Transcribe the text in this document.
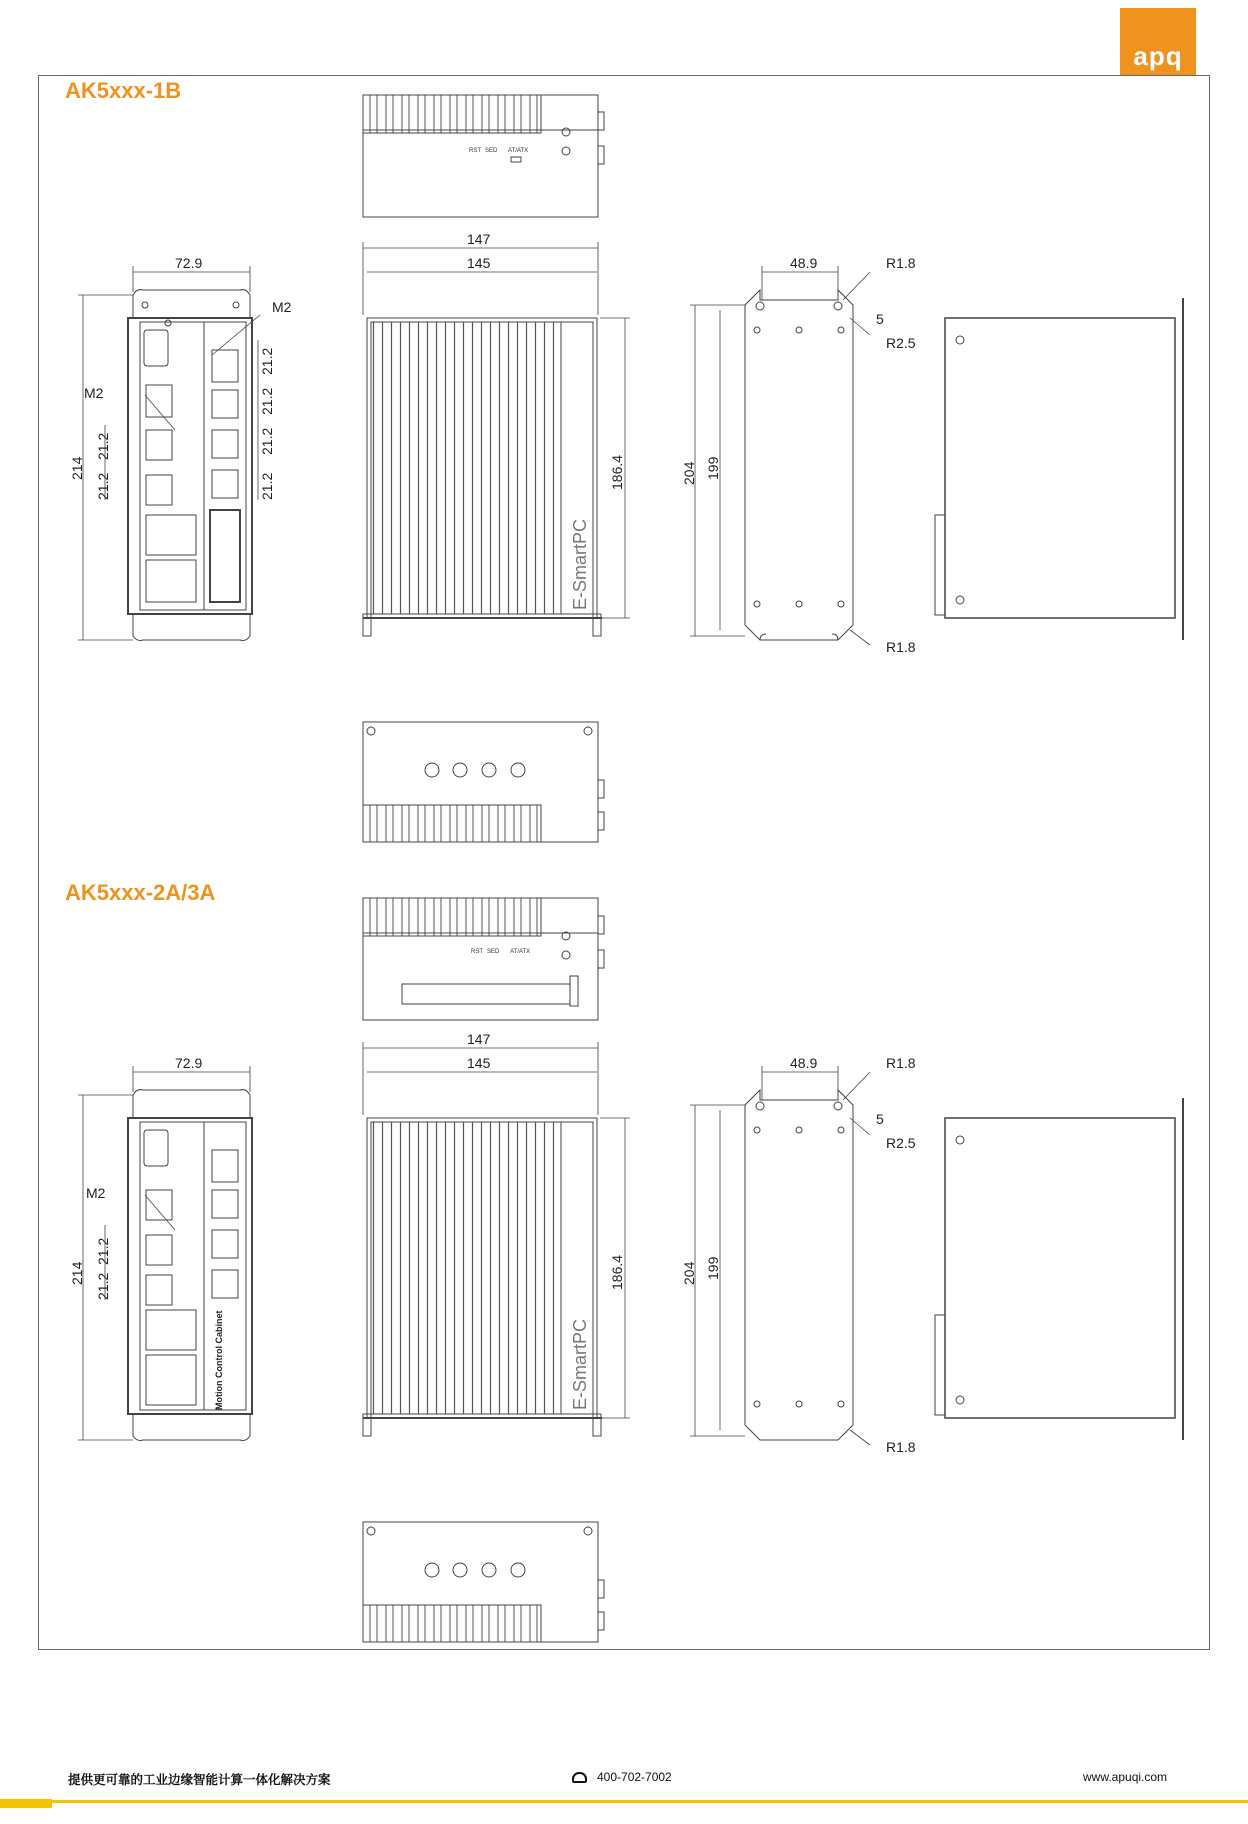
apq
AK5xxx-1B
AK5xxx-2A/3A
RST SED AT/ATX
E-SmartPC
RST SED AT/ATX
Motion Control Cabinet	E-SmartPC
72.9
M2
M2
214
21.2
21.2
21.2
21.2
21.2
21.2
147
145
186.4
48.9	R1.8
5
R2.5
R1.8
204 199
72.9
M2
214
21.2
21.2
147
145
186.4
48.9	R1.8
5
R2.5
R1.8
204 199
提供更可靠的工业边缘智能计算一体化解决方案	400-702-7002	www.apuqi.com
